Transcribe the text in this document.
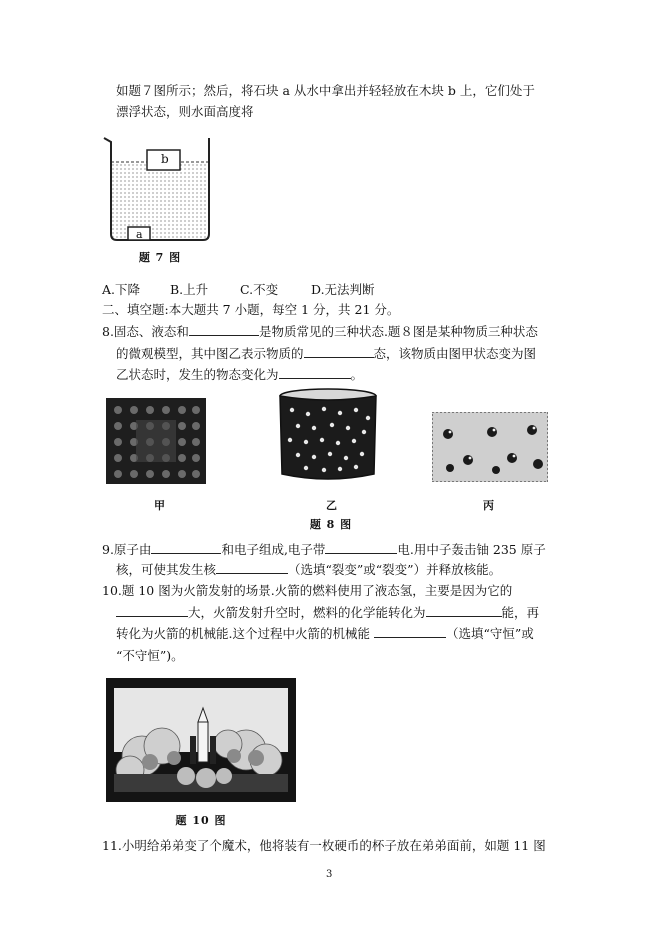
如题７图所示；然后，将石块 a 从水中拿出并轻轻放在木块 b 上，它们处于
漂浮状态，则水面高度将
b
a
题 7 图
A.下降 B.上升	C.不变	D.无法判断
二、填空题:本大题共 7 小题，每空 1 分，共 21 分。
8.固态、液态和	是物质常见的三种状态.题８图是某种物质三种状态
的微观模型，其中图乙表示物质的	态，该物质由图甲状态变为图
乙状态时，发生的物态变化为	。
甲	乙	丙
题 8 图
9.原子由	和电子组成,电子带	电.用中子轰击铀 235 原子
核，可使其发生核	（选填“裂变”或“裂变”）并释放核能。
10.题 10 图为火箭发射的场景.火箭的燃料使用了液态氢，主要是因为它的
大，火箭发射升空时，燃料的化学能转化为	能，再
转化为火箭的机械能.这个过程中火箭的机械能	（选填“守恒”或
“不守恒”)。
题 10 图
11.小明给弟弟变了个魔术，他将装有一枚硬币的杯子放在弟弟面前，如题 11 图
3
